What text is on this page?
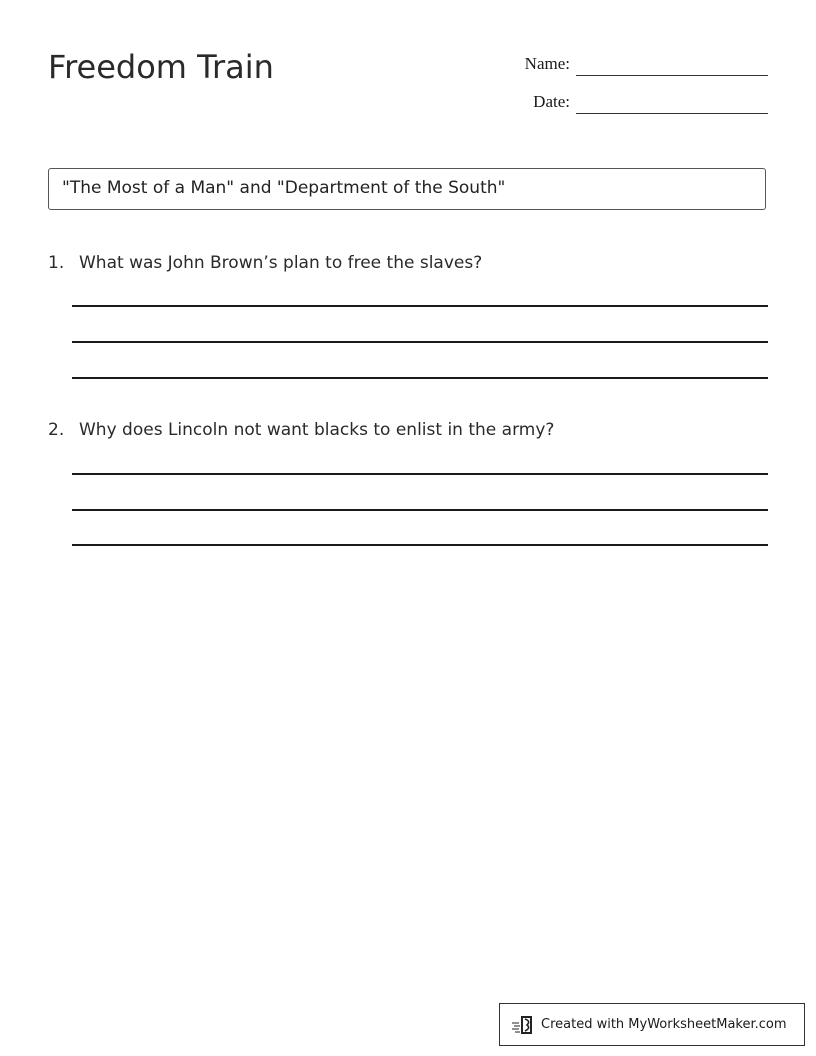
Freedom Train	Name:
Date:
"The Most of a Man" and "Department of the South"
1. What was John Brown’s plan to free the slaves?
2. Why does Lincoln not want blacks to enlist in the army?
Created with MyWorksheetMaker.com
